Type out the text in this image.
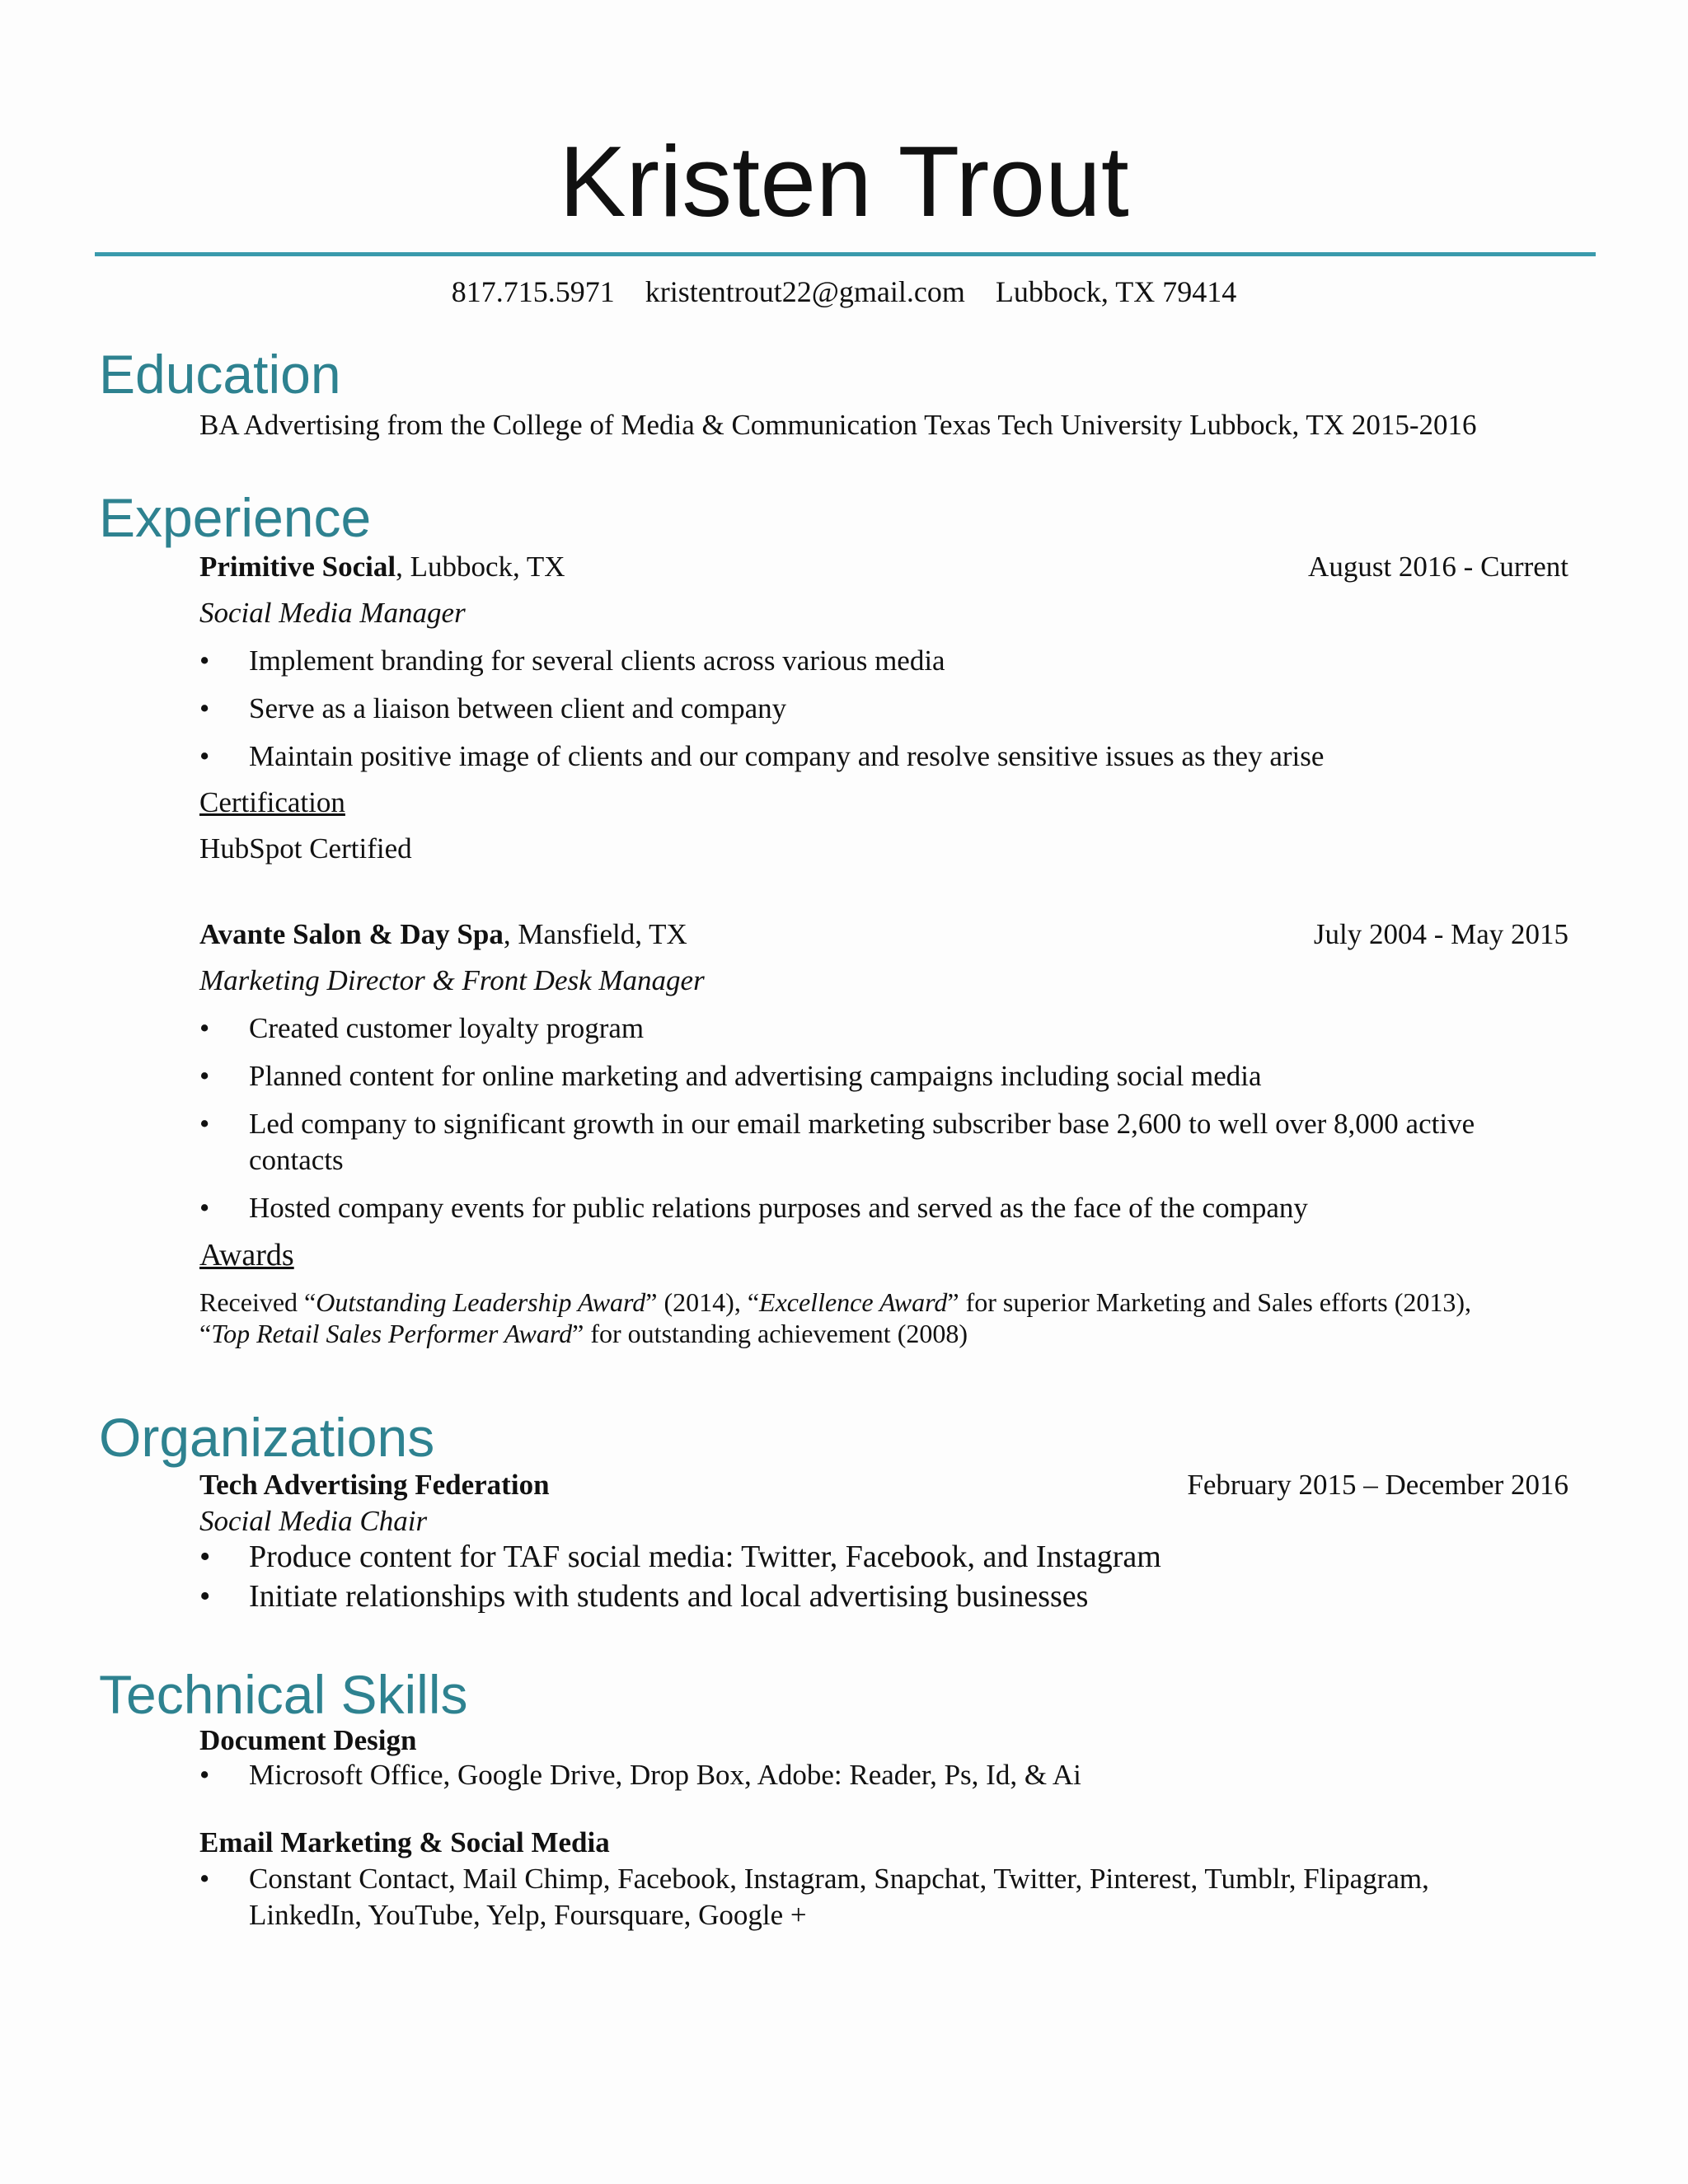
Kristen Trout
817.715.5971 kristentrout22@gmail.com Lubbock, TX 79414
Education
BA Advertising from the College of Media & Communication Texas Tech University Lubbock, TX 2015-2016
Experience
Primitive Social, Lubbock, TX	August 2016 - Current
Social Media Manager
•	Implement branding for several clients across various media
•	Serve as a liaison between client and company
•	Maintain positive image of clients and our company and resolve sensitive issues as they arise
Certification
HubSpot Certified
Avante Salon & Day Spa, Mansfield, TX	July 2004 - May 2015
Marketing Director & Front Desk Manager
•	Created customer loyalty program
•	Planned content for online marketing and advertising campaigns including social media
•	Led company to significant growth in our email marketing subscriber base 2,600 to well over 8,000 active contacts
•	Hosted company events for public relations purposes and served as the face of the company
Awards
Received “Outstanding Leadership Award” (2014), “Excellence Award” for superior Marketing and Sales efforts (2013),
“Top Retail Sales Performer Award” for outstanding achievement (2008)
Organizations
Tech Advertising Federation	February 2015 – December 2016
Social Media Chair
•	Produce content for TAF social media: Twitter, Facebook, and Instagram
•	Initiate relationships with students and local advertising businesses
Technical Skills
Document Design
•	Microsoft Office, Google Drive, Drop Box, Adobe: Reader, Ps, Id, & Ai
Email Marketing & Social Media
•	Constant Contact, Mail Chimp, Facebook, Instagram, Snapchat, Twitter, Pinterest, Tumblr, Flipagram, LinkedIn, YouTube, Yelp, Foursquare, Google +
